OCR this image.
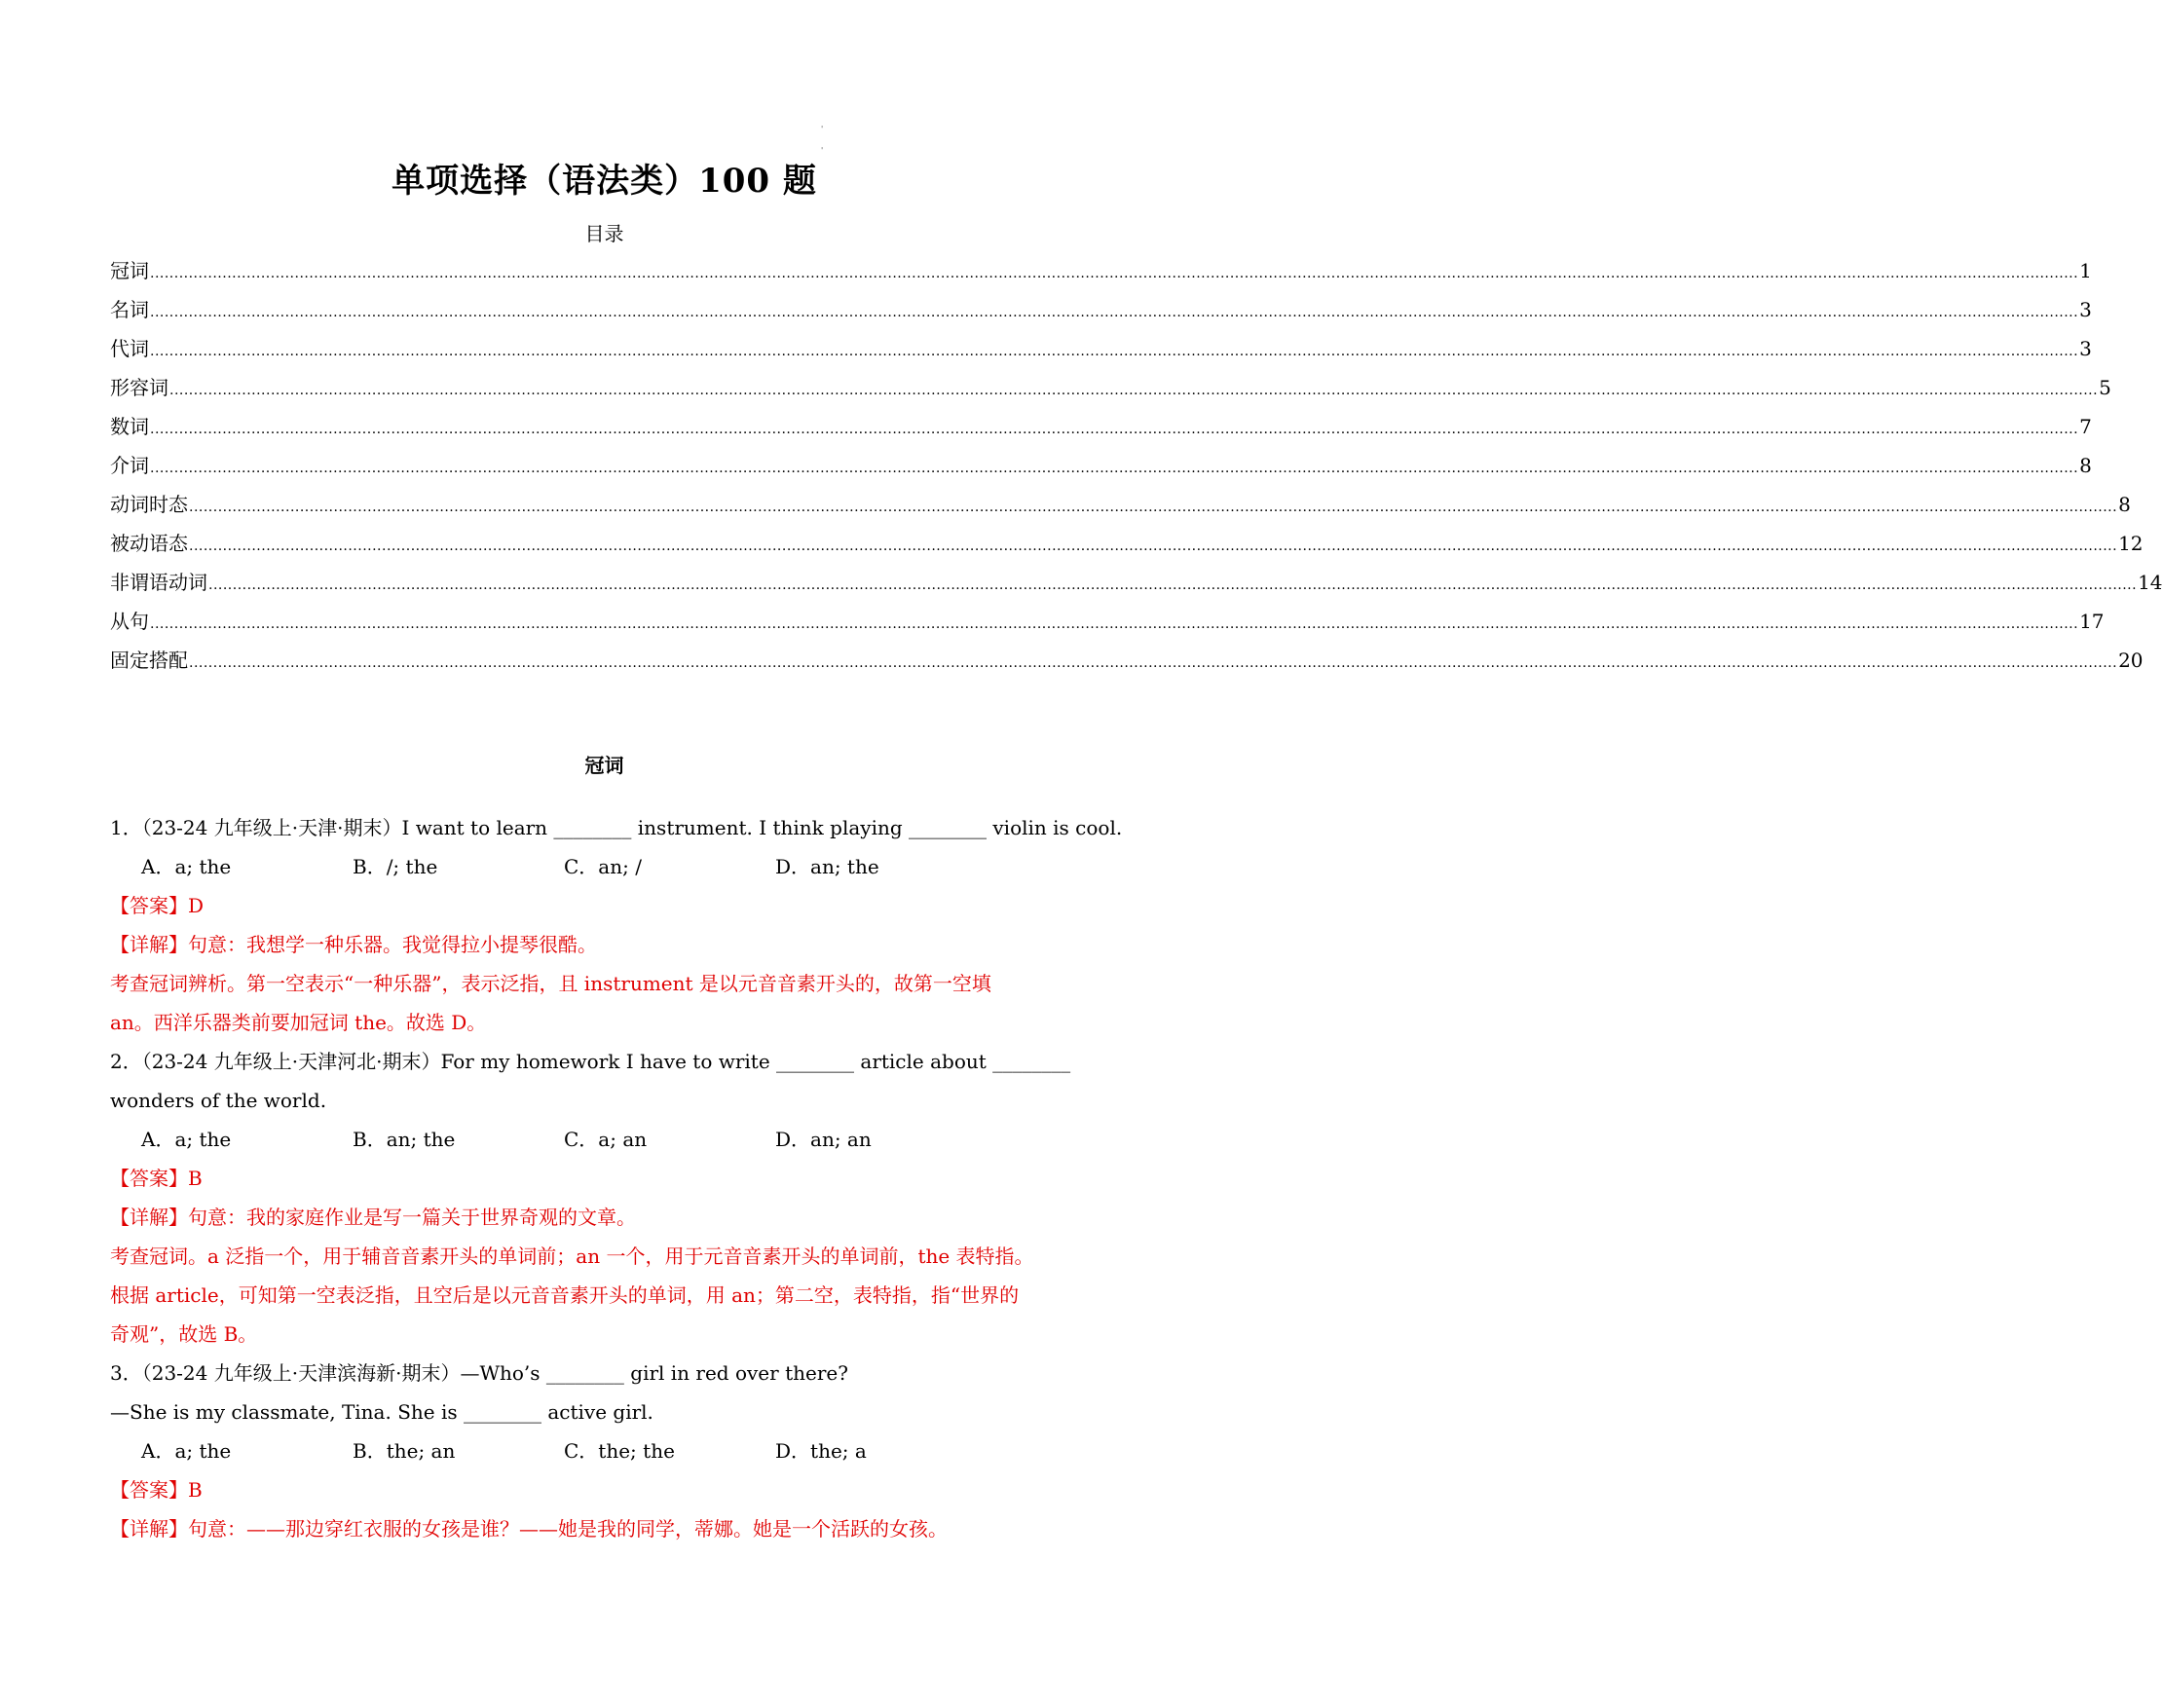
'
'
单项选择（语法类）100 题
目录
冠词 ................................................................................................................................................................................................................................................................................................................................................................................................................ 1
名词 ................................................................................................................................................................................................................................................................................................................................................................................................................ 3
代词 ................................................................................................................................................................................................................................................................................................................................................................................................................ 3
形容词 ................................................................................................................................................................................................................................................................................................................................................................................................................ 5
数词 ................................................................................................................................................................................................................................................................................................................................................................................................................ 7
介词 ................................................................................................................................................................................................................................................................................................................................................................................................................ 8
动词时态 ................................................................................................................................................................................................................................................................................................................................................................................................................ 8
被动语态 ................................................................................................................................................................................................................................................................................................................................................................................................................ 12
非谓语动词 ................................................................................................................................................................................................................................................................................................................................................................................................................ 14
从句 ................................................................................................................................................................................................................................................................................................................................................................................................................ 17
固定搭配 ................................................................................................................................................................................................................................................................................................................................................................................................................ 20
冠词
1．（23-24 九年级上·天津·期末）I want to learn ________ instrument. I think playing ________ violin is cool.
A．a; the	B．/; the	C．an; /	D．an; the
【答案】D
【详解】句意：我想学一种乐器。我觉得拉小提琴很酷。
考查冠词辨析。第一空表示“一种乐器”，表示泛指，且 instrument 是以元音音素开头的，故第一空填
an。西洋乐器类前要加冠词 the。故选 D。
2．（23-24 九年级上·天津河北·期末）For my homework I have to write ________ article about ________
wonders of the world.
A．a; the	B．an; the	C．a; an	D．an; an
【答案】B
【详解】句意：我的家庭作业是写一篇关于世界奇观的文章。
考查冠词。a 泛指一个，用于辅音音素开头的单词前；an 一个，用于元音音素开头的单词前，the 表特指。
根据 article，可知第一空表泛指，且空后是以元音音素开头的单词，用 an；第二空，表特指，指“世界的
奇观”，故选 B。
3．（23-24 九年级上·天津滨海新·期末）—Who’s ________ girl in red over there?
—She is my classmate, Tina. She is ________ active girl.
A．a; the	B．the; an	C．the; the	D．the; a
【答案】B
【详解】句意：——那边穿红衣服的女孩是谁？——她是我的同学，蒂娜。她是一个活跃的女孩。
